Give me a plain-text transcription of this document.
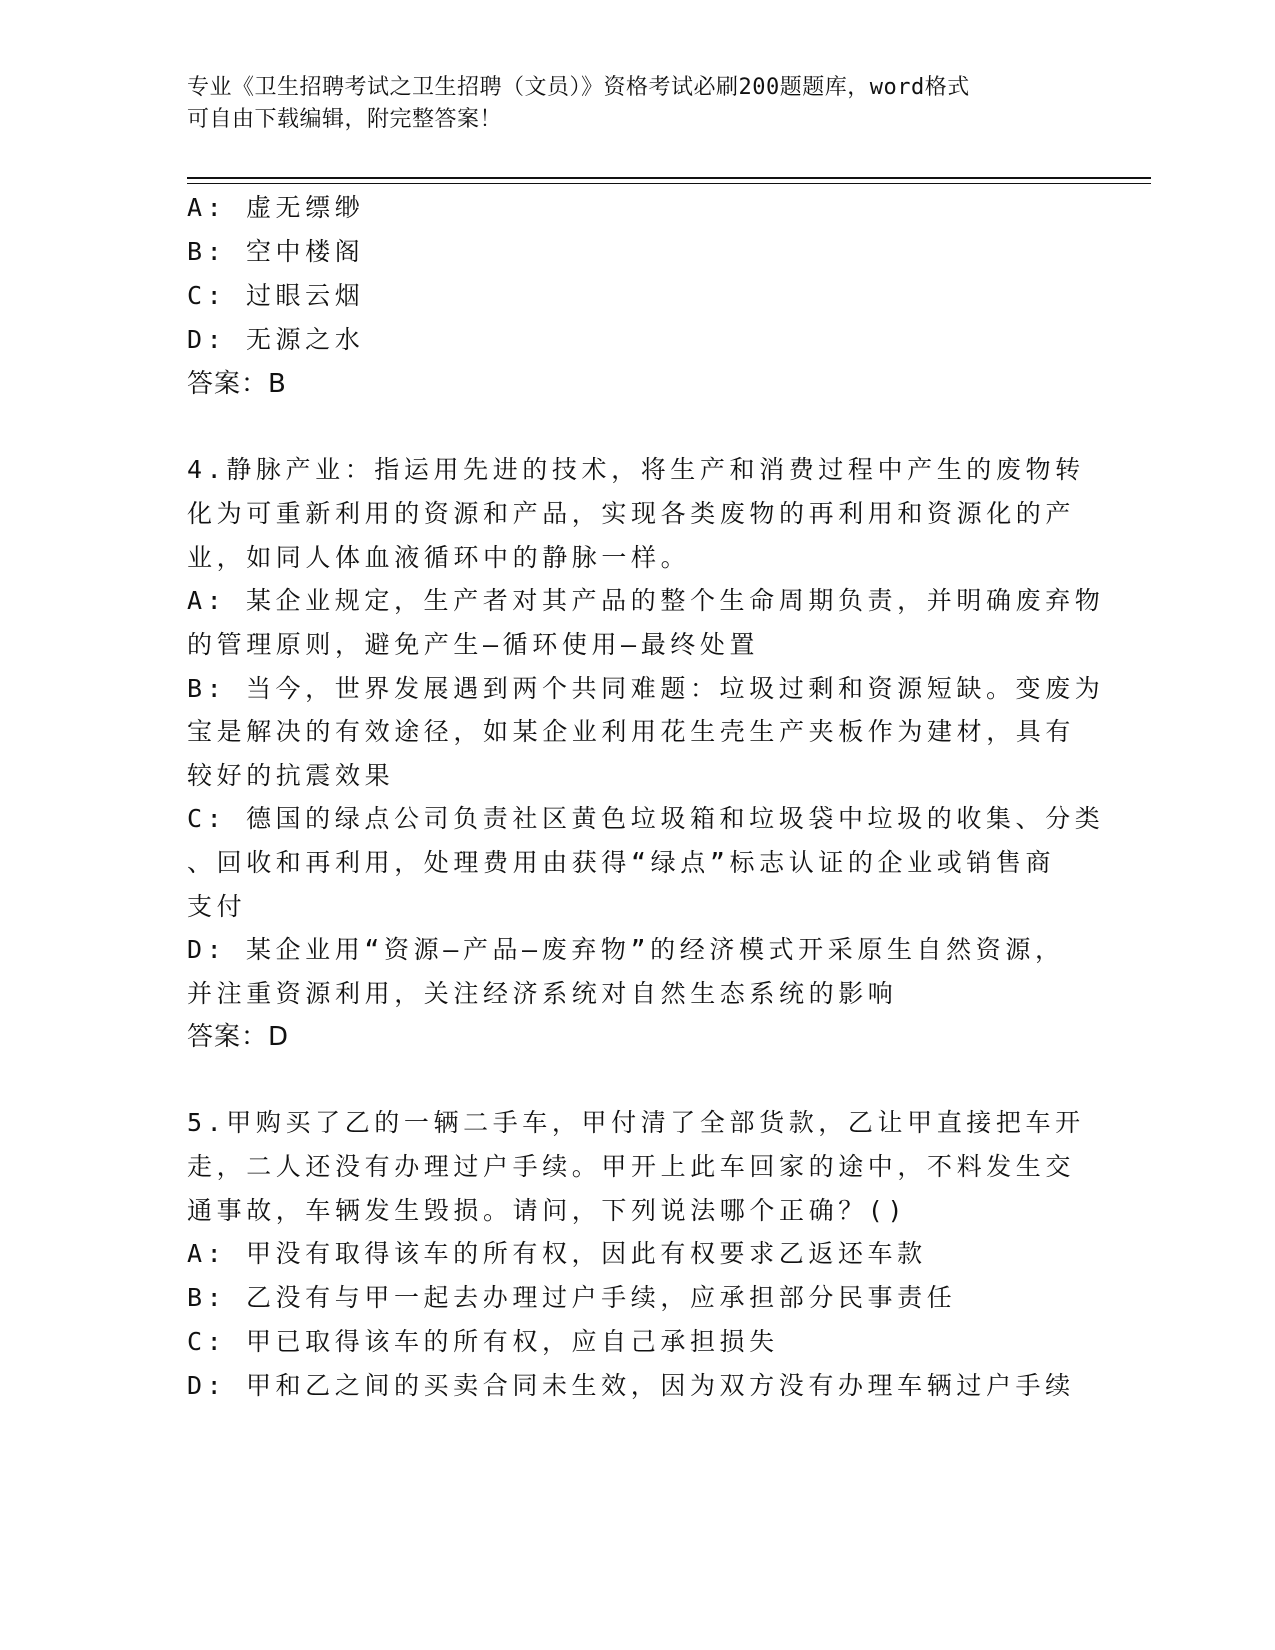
专业《卫生招聘考试之卫生招聘（文员）》资格考试必刷200题题库，word格式
可自由下载编辑，附完整答案！
A: 虚无缥缈
B: 空中楼阁
C: 过眼云烟
D: 无源之水
答案：B
4.静脉产业：指运用先进的技术，将生产和消费过程中产生的废物转
化为可重新利用的资源和产品，实现各类废物的再利用和资源化的产
业，如同人体血液循环中的静脉一样。
A: 某企业规定，生产者对其产品的整个生命周期负责，并明确废弃物
的管理原则，避免产生—循环使用—最终处置
B: 当今，世界发展遇到两个共同难题：垃圾过剩和资源短缺。变废为
宝是解决的有效途径，如某企业利用花生壳生产夹板作为建材，具有
较好的抗震效果
C: 德国的绿点公司负责社区黄色垃圾箱和垃圾袋中垃圾的收集、分类
、回收和再利用，处理费用由获得“绿点”标志认证的企业或销售商
支付
D: 某企业用“资源—产品—废弃物”的经济模式开采原生自然资源，
并注重资源利用，关注经济系统对自然生态系统的影响
答案：D
5.甲购买了乙的一辆二手车，甲付清了全部货款，乙让甲直接把车开
走，二人还没有办理过户手续。甲开上此车回家的途中，不料发生交
通事故，车辆发生毁损。请问，下列说法哪个正确？()
A: 甲没有取得该车的所有权，因此有权要求乙返还车款
B: 乙没有与甲一起去办理过户手续，应承担部分民事责任
C: 甲已取得该车的所有权，应自己承担损失
D: 甲和乙之间的买卖合同未生效，因为双方没有办理车辆过户手续
